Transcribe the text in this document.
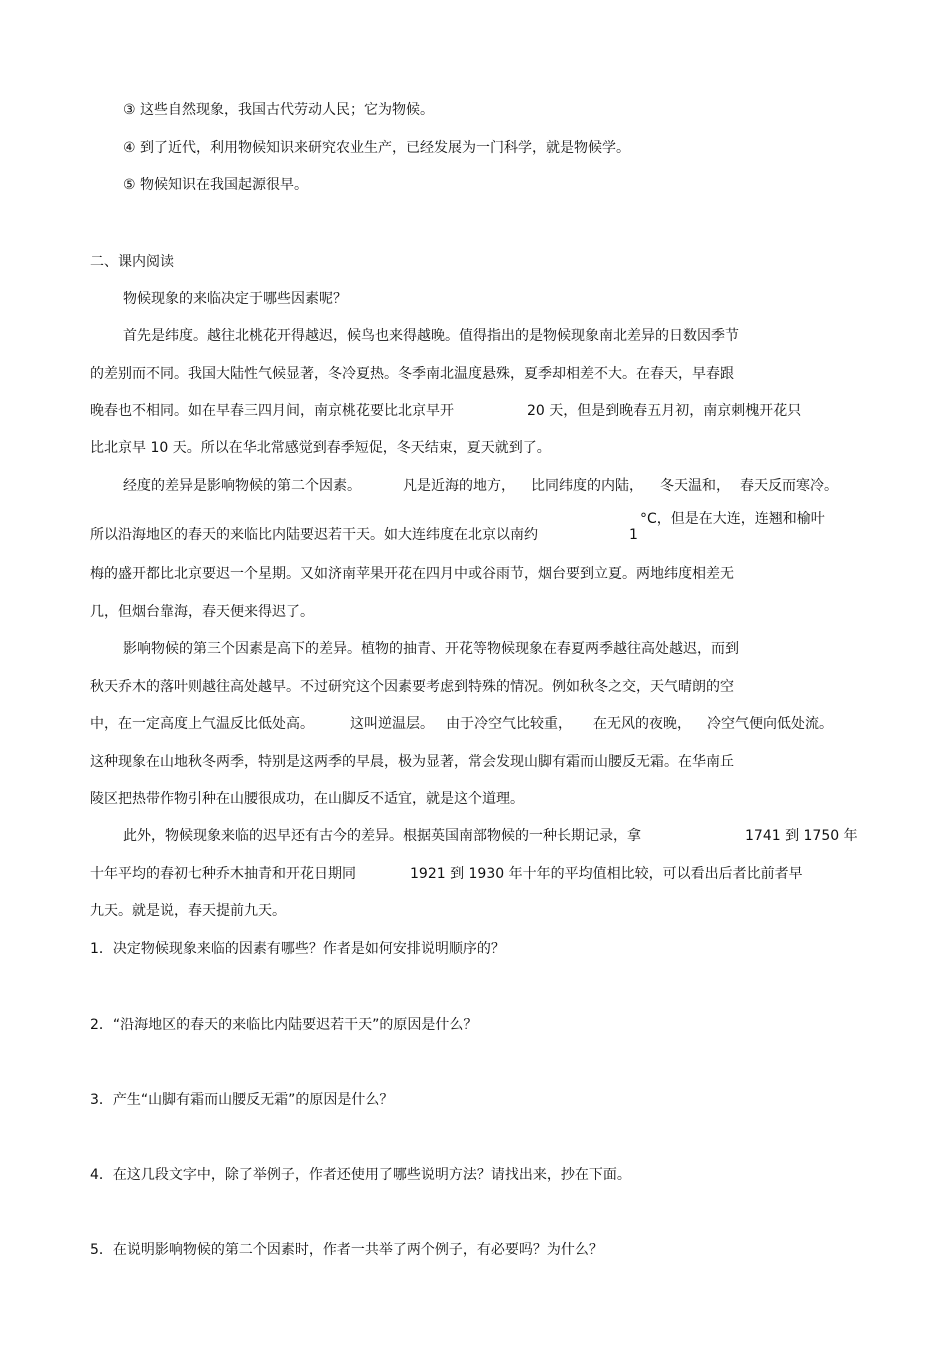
③ 这些自然现象，我国古代劳动人民；它为物候。
④ 到了近代，利用物候知识来研究农业生产，已经发展为一门科学，就是物候学。
⑤ 物候知识在我国起源很早。
二、课内阅读
物候现象的来临决定于哪些因素呢？
首先是纬度。越往北桃花开得越迟，候鸟也来得越晚。值得指出的是物候现象南北差异的日数因季节
的差别而不同。我国大陆性气候显著，冬冷夏热。冬季南北温度悬殊，夏季却相差不大。在春天，早春跟
晚春也不相同。如在早春三四月间，南京桃花要比北京早开	20 天，但是到晚春五月初，南京刺槐开花只
比北京早 10 天。所以在华北常感觉到春季短促，冬天结束，夏天就到了。
经度的差异是影响物候的第二个因素。	凡是近海的地方， 比同纬度的内陆， 冬天温和， 春天反而寒冷。
所以沿海地区的春天的来临比内陆要迟若干天。如大连纬度在北京以南约	1
°C，但是在大连，连翘和榆叶
梅的盛开都比北京要迟一个星期。又如济南苹果开花在四月中或谷雨节，烟台要到立夏。两地纬度相差无
几，但烟台靠海，春天便来得迟了。
影响物候的第三个因素是高下的差异。植物的抽青、开花等物候现象在春夏两季越往高处越迟，而到
秋天乔木的落叶则越往高处越早。不过研究这个因素要考虑到特殊的情况。例如秋冬之交，天气晴朗的空
中，在一定高度上气温反比低处高。	这叫逆温层。 由于冷空气比较重， 在无风的夜晚， 冷空气便向低处流。
这种现象在山地秋冬两季，特别是这两季的早晨，极为显著，常会发现山脚有霜而山腰反无霜。在华南丘
陵区把热带作物引种在山腰很成功，在山脚反不适宜，就是这个道理。
此外，物候现象来临的迟早还有古今的差异。根据英国南部物候的一种长期记录，拿	1741 到 1750 年
十年平均的春初七种乔木抽青和开花日期同	1921 到 1930 年十年的平均值相比较，可以看出后者比前者早
九天。就是说，春天提前九天。
1．决定物候现象来临的因素有哪些？作者是如何安排说明顺序的？
2．“沿海地区的春天的来临比内陆要迟若干天”的原因是什么？
3．产生“山脚有霜而山腰反无霜”的原因是什么？
4．在这几段文字中，除了举例子，作者还使用了哪些说明方法？请找出来，抄在下面。
5．在说明影响物候的第二个因素时，作者一共举了两个例子，有必要吗？为什么？
